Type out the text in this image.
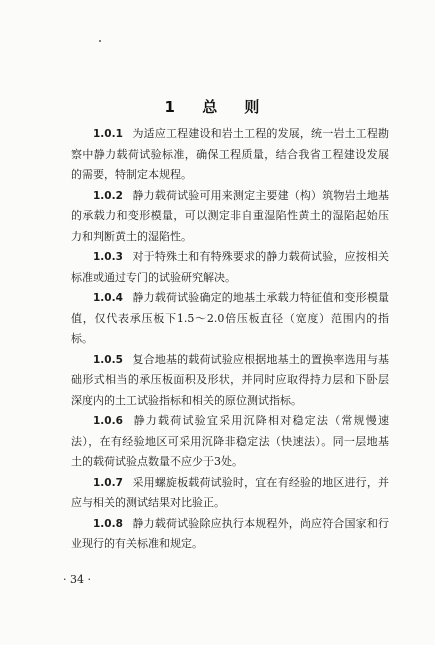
1 总 则

1.0.1 为适应工程建设和岩土工程的发展，统一岩土工程勘察中静力载荷试验标准，确保工程质量，结合我省工程建设发展的需要，特制定本规程。

1.0.2 静力载荷试验可用来测定主要建（构）筑物岩土地基的承载力和变形模量，可以测定非自重湿陷性黄土的湿陷起始压力和判断黄土的湿陷性。

1.0.3 对于特殊土和有特殊要求的静力载荷试验，应按相关标准或通过专门的试验研究解决。

1.0.4 静力载荷试验确定的地基土承载力特征值和变形模量值，仅代表承压板下1.5～2.0倍压板直径（宽度）范围内的指标。

1.0.5 复合地基的载荷试验应根据地基土的置换率选用与基础形式相当的承压板面积及形状，并同时应取得持力层和下卧层深度内的土工试验指标和相关的原位测试指标。

1.0.6 静力载荷试验宜采用沉降相对稳定法（常规慢速法），在有经验地区可采用沉降非稳定法（快速法）。同一层地基土的载荷试验点数量不应少于3处。

1.0.7 采用螺旋板载荷试验时，宜在有经验的地区进行，并应与相关的测试结果对比验正。

1.0.8 静力载荷试验除应执行本规程外，尚应符合国家和行业现行的有关标准和规定。

· 34 ·
